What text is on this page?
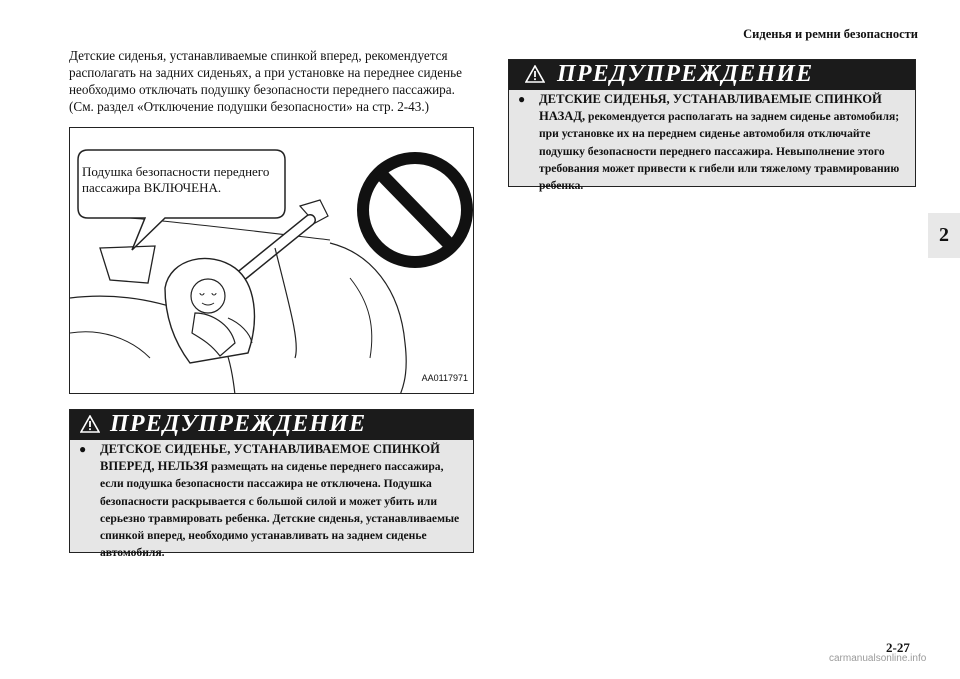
Сиденья и ремни безопасности
2

Детские сиденья, устанавливаемые спинкой вперед, рекомендуется располагать на задних сиденьях, а при установке на переднее сиденье необходимо отключать подушку безопасности переднего пассажира. (См. раздел «Отключение подушки безопасности» на стр. 2-43.)

Подушка безопасности переднего пассажира ВКЛЮЧЕНА.
AA0117971
ПРЕДУПРЕЖДЕНИЕ
●	ДЕТСКОЕ СИДЕНЬЕ, УСТАНАВЛИВАЕМОЕ СПИНКОЙ ВПЕРЕД, НЕЛЬЗЯ размещать на сиденье переднего пассажира, если подушка безопасности пассажира не отключена. Подушка безопасности раскрывается с большой силой и может убить или серьезно травмировать ребенка. Детские сиденья, устанавливаемые спинкой вперед, необходимо устанавливать на заднем сиденье автомобиля.
ПРЕДУПРЕЖДЕНИЕ
●	ДЕТСКИЕ СИДЕНЬЯ, УСТАНАВЛИВАЕМЫЕ СПИНКОЙ НАЗАД, рекомендуется располагать на заднем сиденье автомобиля; при установке их на переднем сиденье автомобиля отключайте подушку безопасности переднего пассажира. Невыполнение этого требования может привести к гибели или тяжелому травмированию ребенка.
2-27
carmanualsonline.info
